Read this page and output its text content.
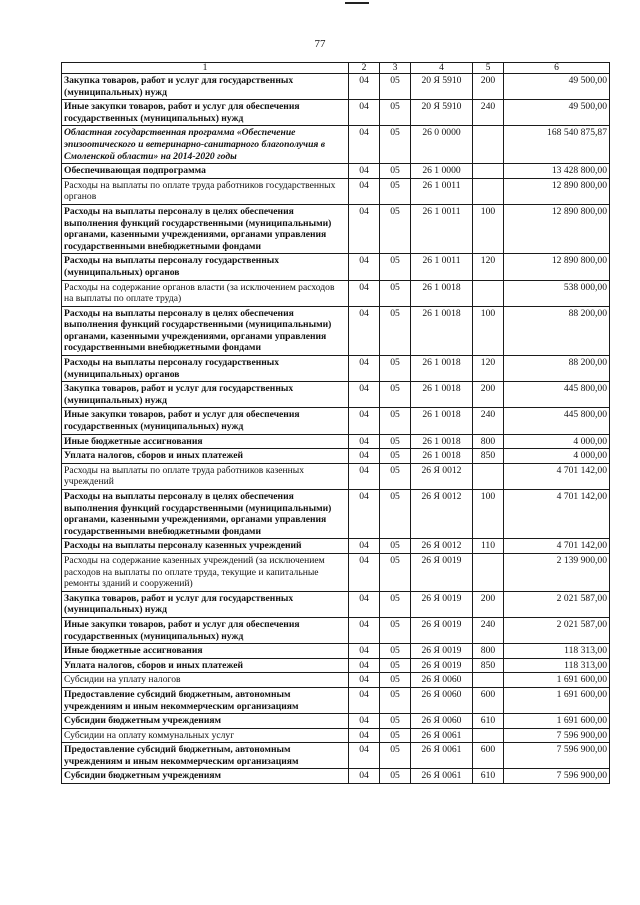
77
1	2	3	4	5	6
Закупка товаров, работ и услуг для государственных (муниципальных) нужд	04	05	20 Я 5910	200	49 500,00
Иные закупки товаров, работ и услуг для обеспечения государственных (муниципальных) нужд	04	05	20 Я 5910	240	49 500,00
Областная государственная программа «Обеспечение эпизоотического и ветеринарно-санитарного благополучия в Смоленской области» на 2014-2020 годы	04	05	26 0 0000		168 540 875,87
Обеспечивающая подпрограмма	04	05	26 1 0000		13 428 800,00
Расходы на выплаты по оплате труда работников государственных органов	04	05	26 1 0011		12 890 800,00
Расходы на выплаты персоналу в целях обеспечения выполнения функций государственными (муниципальными) органами, казенными учреждениями, органами управления государственными внебюджетными фондами	04	05	26 1 0011	100	12 890 800,00
Расходы на выплаты персоналу государственных (муниципальных) органов	04	05	26 1 0011	120	12 890 800,00
Расходы на содержание органов власти (за исключением расходов на выплаты по оплате труда)	04	05	26 1 0018		538 000,00
Расходы на выплаты персоналу в целях обеспечения выполнения функций государственными (муниципальными) органами, казенными учреждениями, органами управления государственными внебюджетными фондами	04	05	26 1 0018	100	88 200,00
Расходы на выплаты персоналу государственных (муниципальных) органов	04	05	26 1 0018	120	88 200,00
Закупка товаров, работ и услуг для государственных (муниципальных) нужд	04	05	26 1 0018	200	445 800,00
Иные закупки товаров, работ и услуг для обеспечения государственных (муниципальных) нужд	04	05	26 1 0018	240	445 800,00
Иные бюджетные ассигнования	04	05	26 1 0018	800	4 000,00
Уплата налогов, сборов и иных платежей	04	05	26 1 0018	850	4 000,00
Расходы на выплаты по оплате труда работников казенных учреждений	04	05	26 Я 0012		4 701 142,00
Расходы на выплаты персоналу в целях обеспечения выполнения функций государственными (муниципальными) органами, казенными учреждениями, органами управления государственными внебюджетными фондами	04	05	26 Я 0012	100	4 701 142,00
Расходы на выплаты персоналу казенных учреждений	04	05	26 Я 0012	110	4 701 142,00
Расходы на содержание казенных учреждений (за исключением расходов на выплаты по оплате труда, текущие и капитальные ремонты зданий и сооружений)	04	05	26 Я 0019		2 139 900,00
Закупка товаров, работ и услуг для государственных (муниципальных) нужд	04	05	26 Я 0019	200	2 021 587,00
Иные закупки товаров, работ и услуг для обеспечения государственных (муниципальных) нужд	04	05	26 Я 0019	240	2 021 587,00
Иные бюджетные ассигнования	04	05	26 Я 0019	800	118 313,00
Уплата налогов, сборов и иных платежей	04	05	26 Я 0019	850	118 313,00
Субсидии на уплату налогов	04	05	26 Я 0060		1 691 600,00
Предоставление субсидий бюджетным, автономным учреждениям и иным некоммерческим организациям	04	05	26 Я 0060	600	1 691 600,00
Субсидии бюджетным учреждениям	04	05	26 Я 0060	610	1 691 600,00
Субсидии на оплату коммунальных услуг	04	05	26 Я 0061		7 596 900,00
Предоставление субсидий бюджетным, автономным учреждениям и иным некоммерческим организациям	04	05	26 Я 0061	600	7 596 900,00
Субсидии бюджетным учреждениям	04	05	26 Я 0061	610	7 596 900,00
